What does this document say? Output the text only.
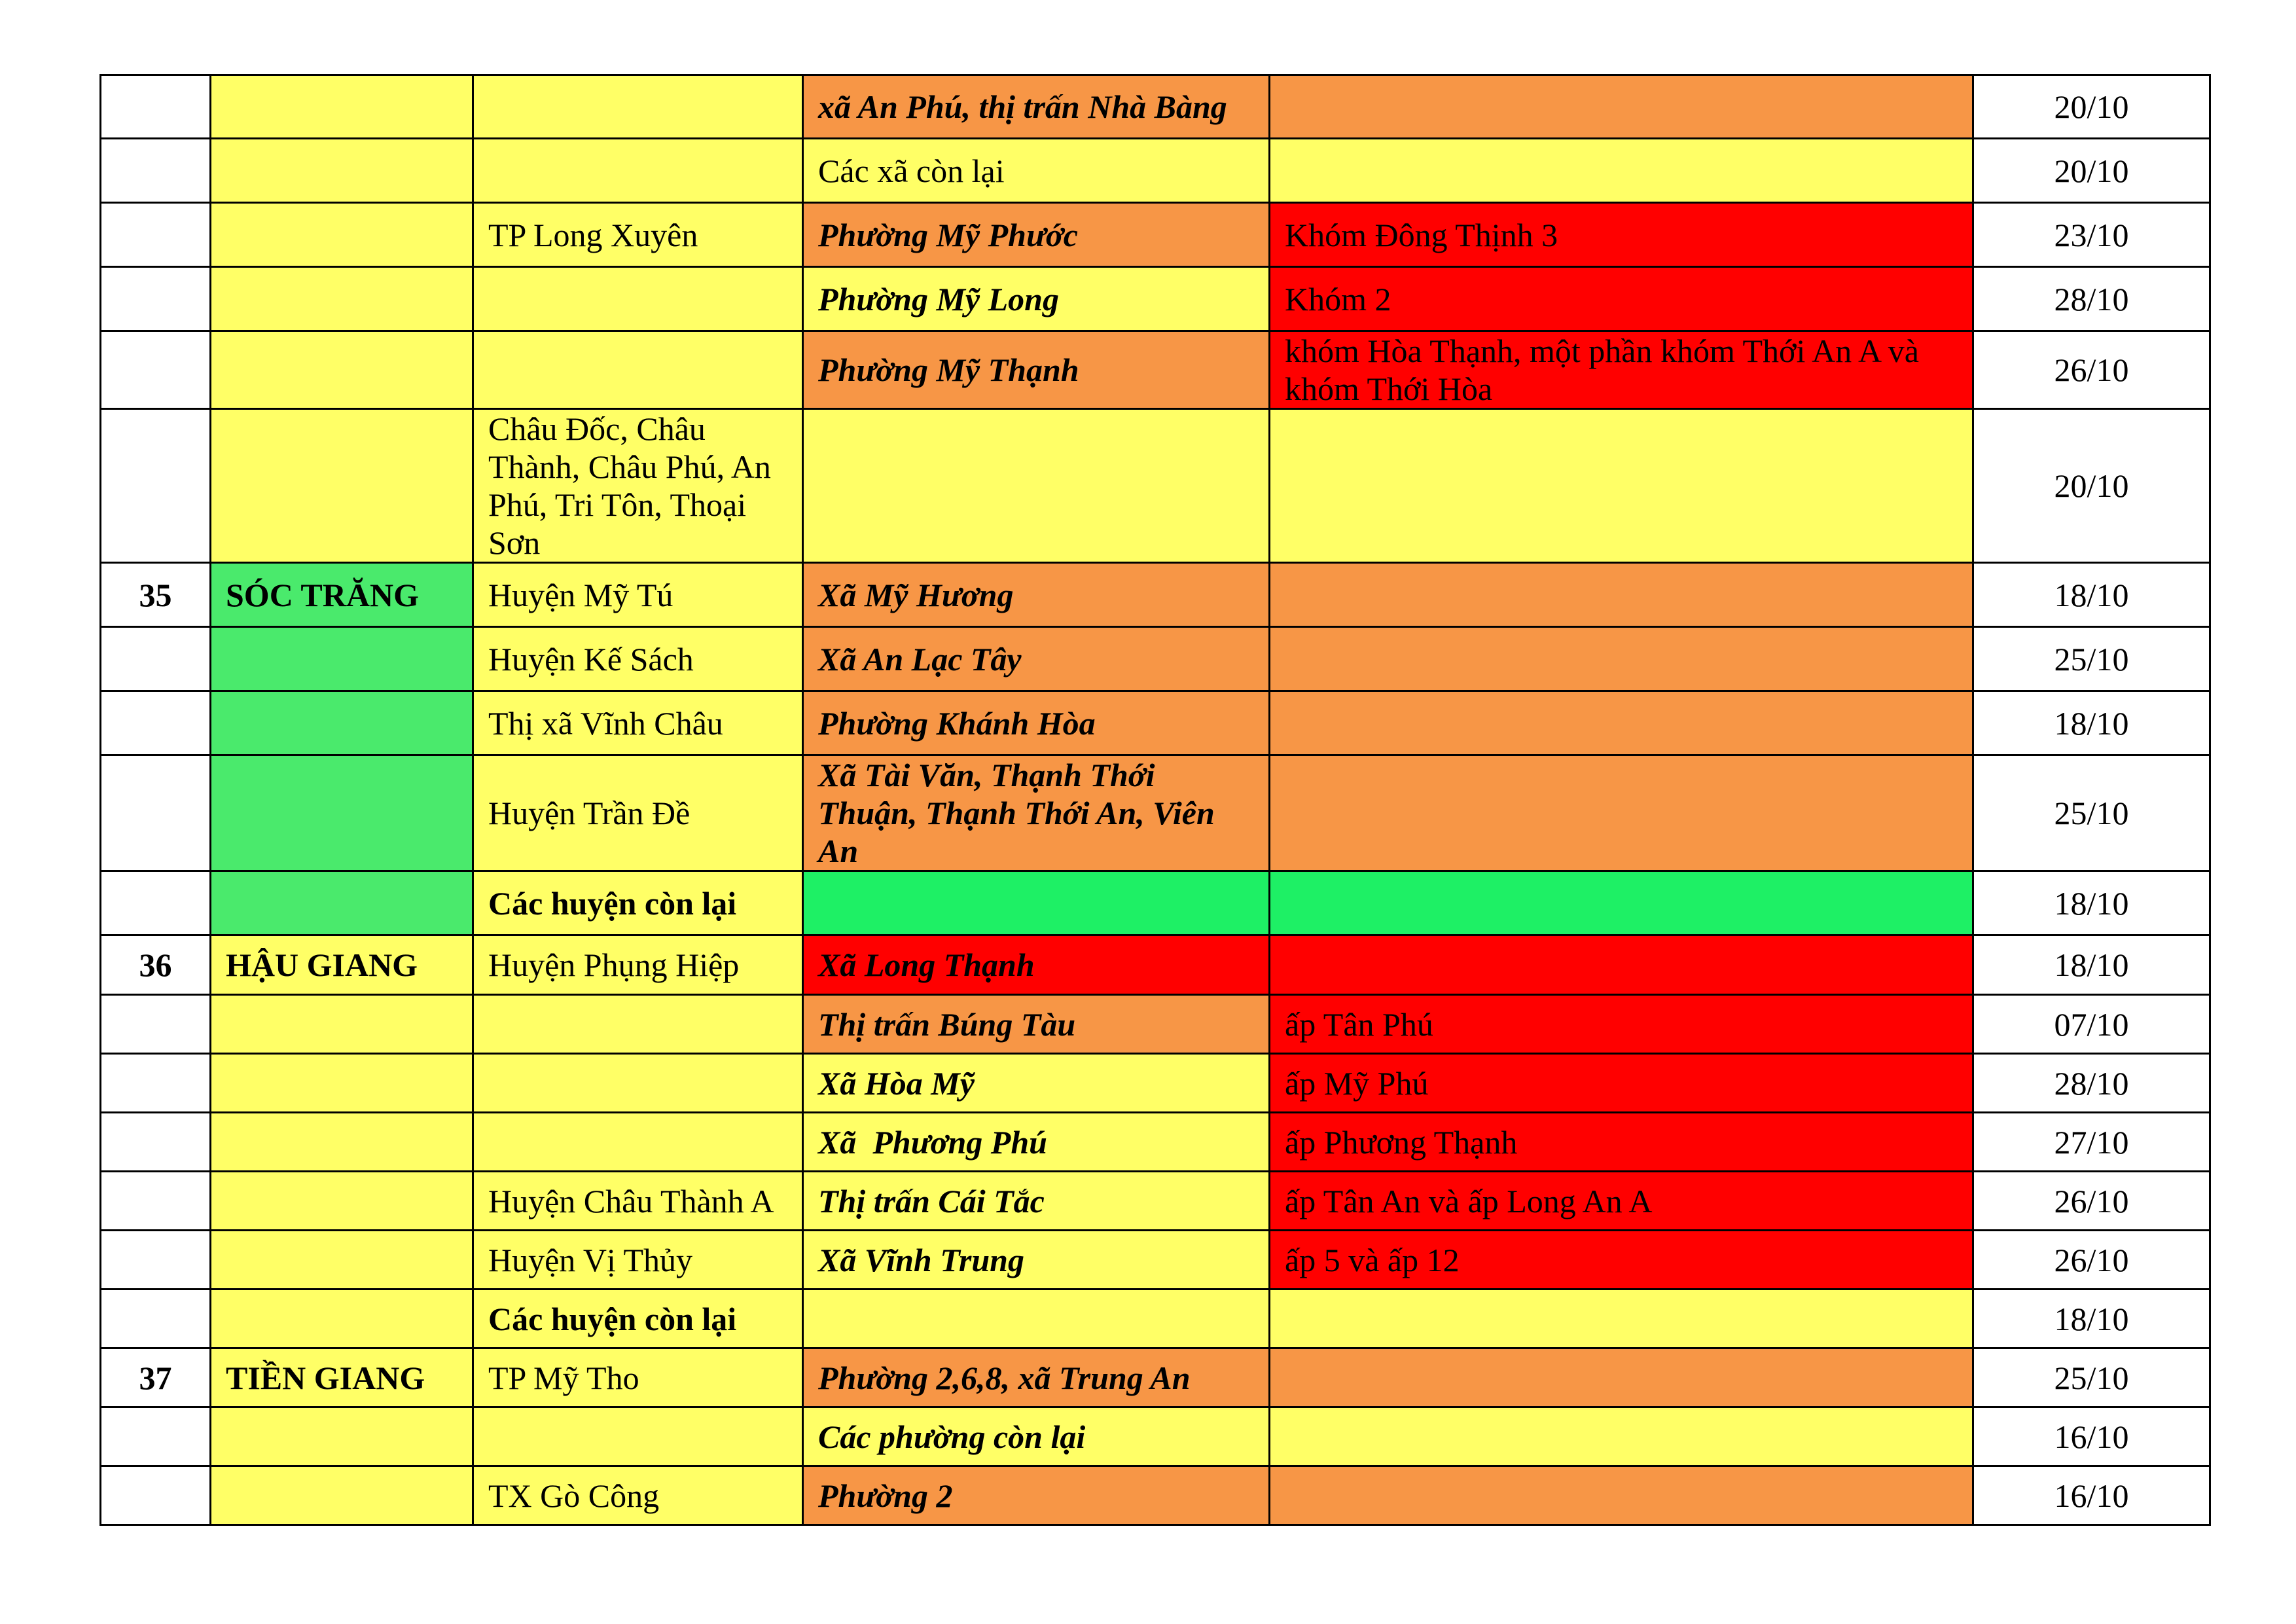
			xã An Phú, thị trấn Nhà Bàng		20/10
			Các xã còn lại		20/10
		TP Long Xuyên	Phường Mỹ Phước	Khóm Đông Thịnh 3	23/10
			Phường Mỹ Long	Khóm 2	28/10
			Phường Mỹ Thạnh	khóm Hòa Thạnh, một phần khóm Thới An A và khóm Thới Hòa	26/10
		Châu Đốc, Châu Thành, Châu Phú, An Phú, Tri Tôn, Thoại Sơn			20/10
35	SÓC TRĂNG	Huyện Mỹ Tú	Xã Mỹ Hương		18/10
		Huyện Kế Sách	Xã An Lạc Tây		25/10
		Thị xã Vĩnh Châu	Phường Khánh Hòa		18/10
		Huyện Trần Đề	Xã Tài Văn, Thạnh Thới Thuận, Thạnh Thới An, Viên An		25/10
		Các huyện còn lại			18/10
36	HẬU GIANG	Huyện Phụng Hiệp	Xã Long Thạnh		18/10
			Thị trấn Búng Tàu	ấp Tân Phú	07/10
			Xã Hòa Mỹ	ấp Mỹ Phú	28/10
			Xã  Phương Phú	ấp Phương Thạnh	27/10
		Huyện Châu Thành A	Thị trấn Cái Tắc	ấp Tân An và ấp Long An A	26/10
		Huyện Vị Thủy	Xã Vĩnh Trung	ấp 5 và ấp 12	26/10
		Các huyện còn lại			18/10
37	TIỀN GIANG	TP Mỹ Tho	Phường 2,6,8, xã Trung An		25/10
			Các phường còn lại		16/10
		TX Gò Công	Phường 2		16/10
